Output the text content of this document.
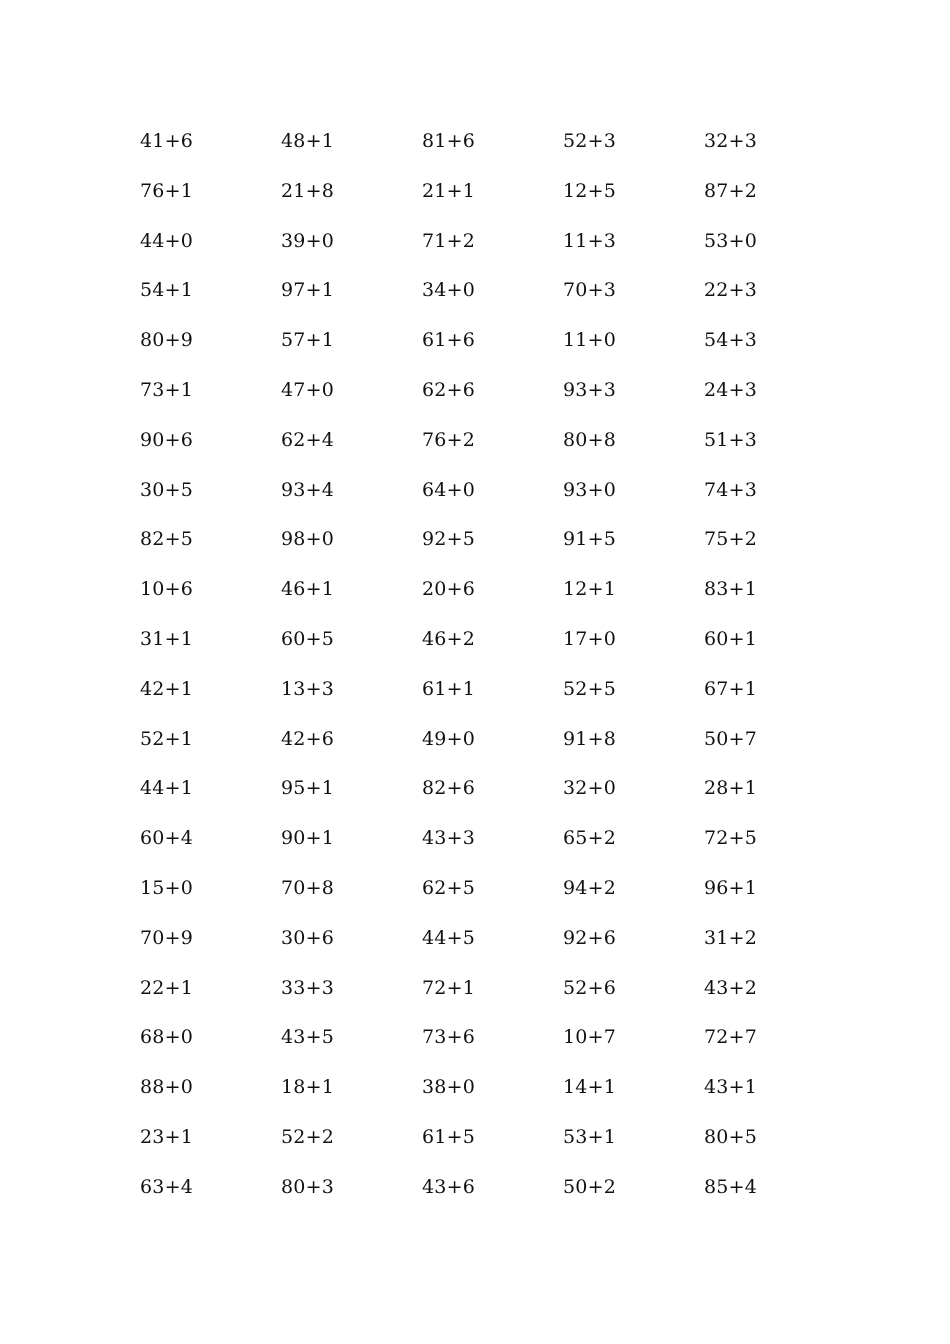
41+6	48+1	81+6	52+3	32+3
76+1	21+8	21+1	12+5	87+2
44+0	39+0	71+2	11+3	53+0
54+1	97+1	34+0	70+3	22+3
80+9	57+1	61+6	11+0	54+3
73+1	47+0	62+6	93+3	24+3
90+6	62+4	76+2	80+8	51+3
30+5	93+4	64+0	93+0	74+3
82+5	98+0	92+5	91+5	75+2
10+6	46+1	20+6	12+1	83+1
31+1	60+5	46+2	17+0	60+1
42+1	13+3	61+1	52+5	67+1
52+1	42+6	49+0	91+8	50+7
44+1	95+1	82+6	32+0	28+1
60+4	90+1	43+3	65+2	72+5
15+0	70+8	62+5	94+2	96+1
70+9	30+6	44+5	92+6	31+2
22+1	33+3	72+1	52+6	43+2
68+0	43+5	73+6	10+7	72+7
88+0	18+1	38+0	14+1	43+1
23+1	52+2	61+5	53+1	80+5
63+4	80+3	43+6	50+2	85+4
